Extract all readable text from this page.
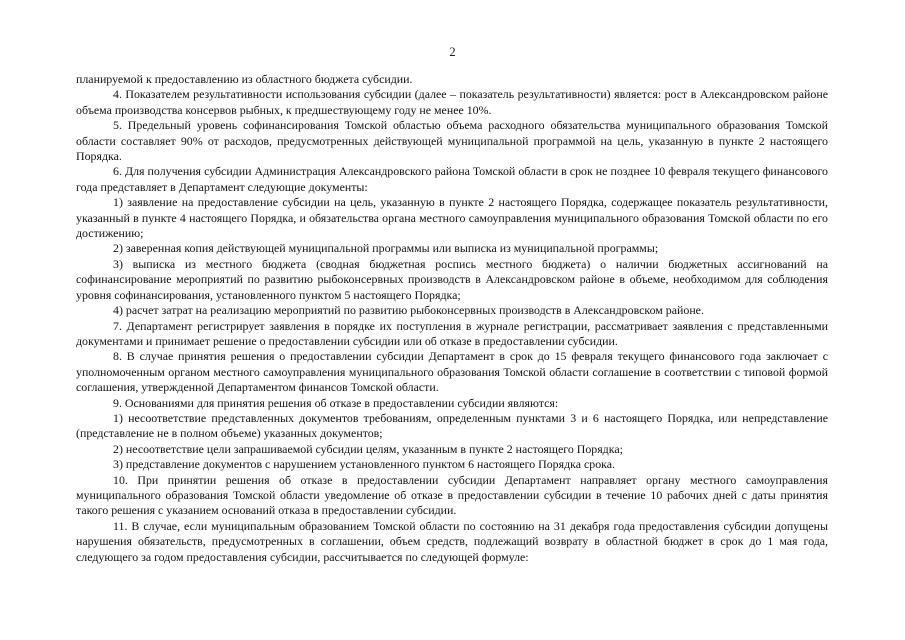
2

планируемой к предоставлению из областного бюджета субсидии.

4. Показателем результативности использования субсидии (далее – показатель результативности) является: рост в Александровском районе объема производства консервов рыбных, к предшествующему году не менее 10%.

5. Предельный уровень софинансирования Томской областью объема расходного обязательства муниципального образования Томской области составляет 90% от расходов, предусмотренных действующей муниципальной программой на цель, указанную в пункте 2 настоящего Порядка.

6. Для получения субсидии Администрация Александровского района Томской области в срок не позднее 10 февраля текущего финансового года представляет в Департамент следующие документы:

1) заявление на предоставление субсидии на цель, указанную в пункте 2 настоящего Порядка, содержащее показатель результативности, указанный в пункте 4 настоящего Порядка, и обязательства органа местного самоуправления муниципального образования Томской области по его достижению;

2) заверенная копия действующей муниципальной программы или выписка из муниципальной программы;

3) выписка из местного бюджета (сводная бюджетная роспись местного бюджета) о наличии бюджетных ассигнований на софинансирование мероприятий по развитию рыбоконсервных производств в Александровском районе в объеме, необходимом для соблюдения уровня софинансирования, установленного пунктом 5 настоящего Порядка;

4) расчет затрат на реализацию мероприятий по развитию рыбоконсервных производств в Александровском районе.

7. Департамент регистрирует заявления в порядке их поступления в журнале регистрации, рассматривает заявления с представленными документами и принимает решение о предоставлении субсидии или об отказе в предоставлении субсидии.

8. В случае принятия решения о предоставлении субсидии Департамент в срок до 15 февраля текущего финансового года заключает с уполномоченным органом местного самоуправления муниципального образования Томской области соглашение в соответствии с типовой формой соглашения, утвержденной Департаментом финансов Томской области.

9. Основаниями для принятия решения об отказе в предоставлении субсидии являются:

1) несоответствие представленных документов требованиям, определенным пунктами 3 и 6 настоящего Порядка, или непредставление (представление не в полном объеме) указанных документов;

2) несоответствие цели запрашиваемой субсидии целям, указанным в пункте 2 настоящего Порядка;

3) представление документов с нарушением установленного пунктом 6 настоящего Порядка срока.

10. При принятии решения об отказе в предоставлении субсидии Департамент направляет органу местного самоуправления муниципального образования Томской области уведомление об отказе в предоставлении субсидии в течение 10 рабочих дней с даты принятия такого решения с указанием оснований отказа в предоставлении субсидии.

11. В случае, если муниципальным образованием Томской области по состоянию на 31 декабря года предоставления субсидии допущены нарушения обязательств, предусмотренных в соглашении, объем средств, подлежащий возврату в областной бюджет в срок до 1 мая года, следующего за годом предоставления субсидии, рассчитывается по следующей формуле:
